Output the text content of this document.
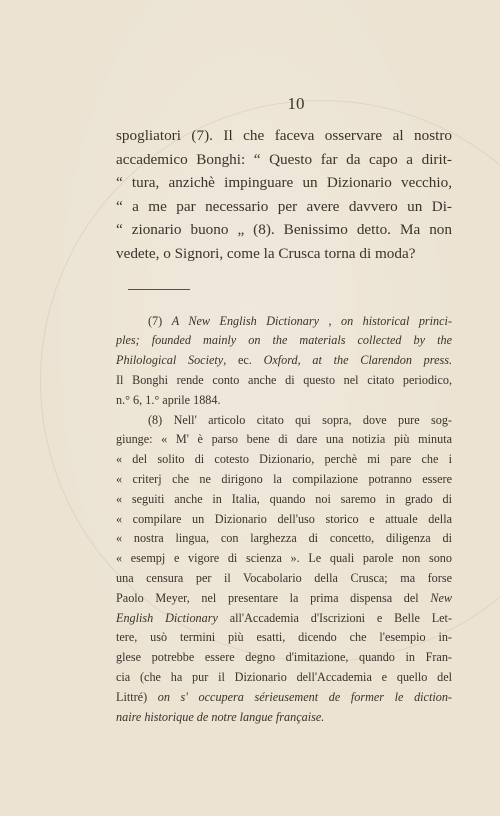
10

spogliatori (7). Il che faceva osservare al nostro
accademico Bonghi: “ Questo far da capo a dirit-
“ tura, anzichè impinguare un Dizionario vecchio,
“ a me par necessario per avere davvero un Di-
“ zionario buono „ (8). Benissimo detto. Ma non
vedete, o Signori, come la Crusca torna di moda?

(7) A New English Dictionary , on historical princi-
ples; founded mainly on the materials collected by the
Philological Society, ec. Oxford, at the Clarendon press.
Il Bonghi rende conto anche di questo nel citato periodico,
n.° 6, 1.° aprile 1884.
(8) Nell' articolo citato qui sopra, dove pure sog-
giunge: « M' è parso bene di dare una notizia più minuta
« del solito di cotesto Dizionario, perchè mi pare che i
« criterj che ne dirigono la compilazione potranno essere
« seguiti anche in Italia, quando noi saremo in grado di
« compilare un Dizionario dell'uso storico e attuale della
« nostra lingua, con larghezza di concetto, diligenza di
« esempj e vigore di scienza ». Le quali parole non sono
una censura per il Vocabolario della Crusca; ma forse
Paolo Meyer, nel presentare la prima dispensa del New
English Dictionary all'Accademia d'Iscrizioni e Belle Let-
tere, usò termini più esatti, dicendo che l'esempio in-
glese potrebbe essere degno d'imitazione, quando in Fran-
cia (che ha pur il Dizionario dell'Accademia e quello del
Littré) on s' occupera sérieusement de former le diction-
naire historique de notre langue française.
